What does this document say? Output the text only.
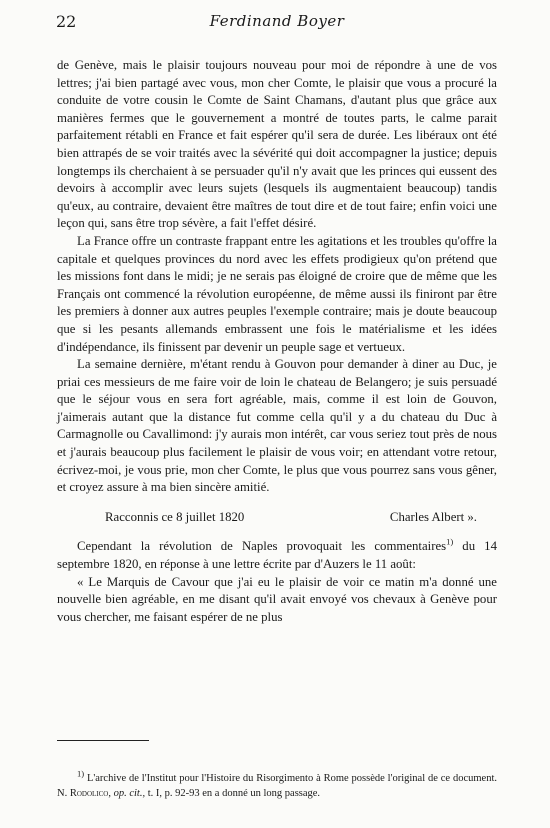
22	Ferdinand Boyer

de Genève, mais le plaisir toujours nouveau pour moi de répondre à une de vos lettres; j'ai bien partagé avec vous, mon cher Comte, le plaisir que vous a procuré la conduite de votre cousin le Comte de Saint Chamans, d'autant plus que grâce aux manières fermes que le gouvernement a montré de toutes parts, le calme parait parfaitement rétabli en France et fait espérer qu'il sera de durée. Les libéraux ont été bien attrapés de se voir traités avec la sévérité qui doit accompagner la justice; depuis longtemps ils cherchaient à se persuader qu'il n'y avait que les princes qui eussent des devoirs à accomplir avec leurs sujets (lesquels ils augmentaient beaucoup) tandis qu'eux, au contraire, devaient être maîtres de tout dire et de tout faire; enfin voici une leçon qui, sans être trop sévère, a fait l'effet désiré.

La France offre un contraste frappant entre les agitations et les troubles qu'offre la capitale et quelques provinces du nord avec les effets prodigieux qu'on prétend que les missions font dans le midi; je ne serais pas éloigné de croire que de même que les Français ont commencé la révolution européenne, de même aussi ils finiront par être les premiers à donner aux autres peuples l'exemple contraire; mais je doute beaucoup que si les pesants allemands embrassent une fois le matérialisme et les idées d'indépendance, ils finissent par devenir un peuple sage et vertueux.

La semaine dernière, m'étant rendu à Gouvon pour demander à diner au Duc, je priai ces messieurs de me faire voir de loin le chateau de Belangero; je suis persuadé que le séjour vous en sera fort agréable, mais, comme il est loin de Gouvon, j'aimerais autant que la distance fut comme cella qu'il y a du chateau du Duc à Carmagnolle ou Cavallimond: j'y aurais mon intérêt, car vous seriez tout près de nous et j'aurais beaucoup plus facilement le plaisir de vous voir; en attendant votre retour, écrivez-moi, je vous prie, mon cher Comte, le plus que vous pourrez sans vous gêner, et croyez assure à ma bien sincère amitié.

Racconnis ce 8 juillet 1820	Charles Albert ».

Cependant la révolution de Naples provoquait les commentaires$^{1)}$ du 14 septembre 1820, en réponse à une lettre écrite par d'Auzers le 11 août:

« Le Marquis de Cavour que j'ai eu le plaisir de voir ce matin m'a donné une nouvelle bien agréable, en me disant qu'il avait envoyé vos chevaux à Genève pour vous chercher, me faisant espérer de ne plus

$^{1)}$ L'archive de l'Institut pour l'Histoire du Risorgimento à Rome possède l'original de ce document. N. Rodolico, op. cit., t. I, p. 92-93 en a donné un long passage.
